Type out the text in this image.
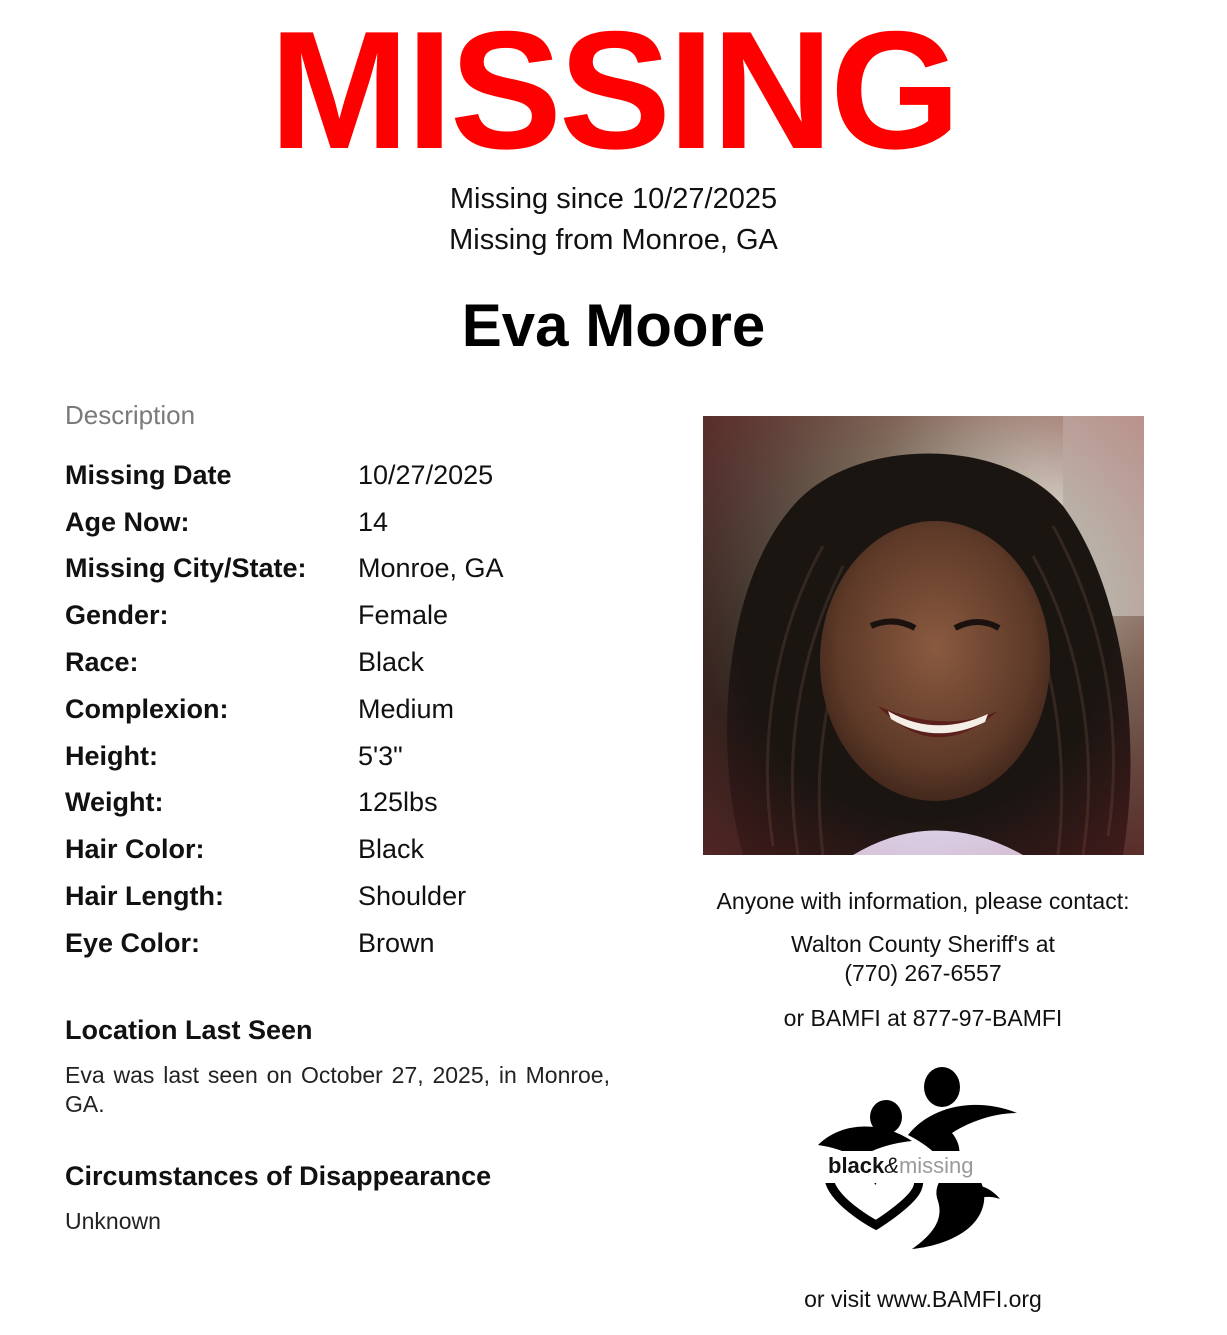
MISSING
Missing since 10/27/2025
Missing from Monroe, GA
Eva Moore
Description
Missing Date	10/27/2025
Age Now:	14
Missing City/State:	Monroe, GA
Gender:	Female
Race:	Black
Complexion:	Medium
Height:	5'3"
Weight:	125lbs
Hair Color:	Black
Hair Length:	Shoulder
Eye Color:	Brown
Location Last Seen
Eva was last seen on October 27, 2025, in Monroe, GA.
Circumstances of Disappearance
Unknown
Anyone with information, please contact:
Walton County Sheriff's at
(770) 267-6557
or BAMFI at 877-97-BAMFI
black&missing
or visit www.BAMFI.org
